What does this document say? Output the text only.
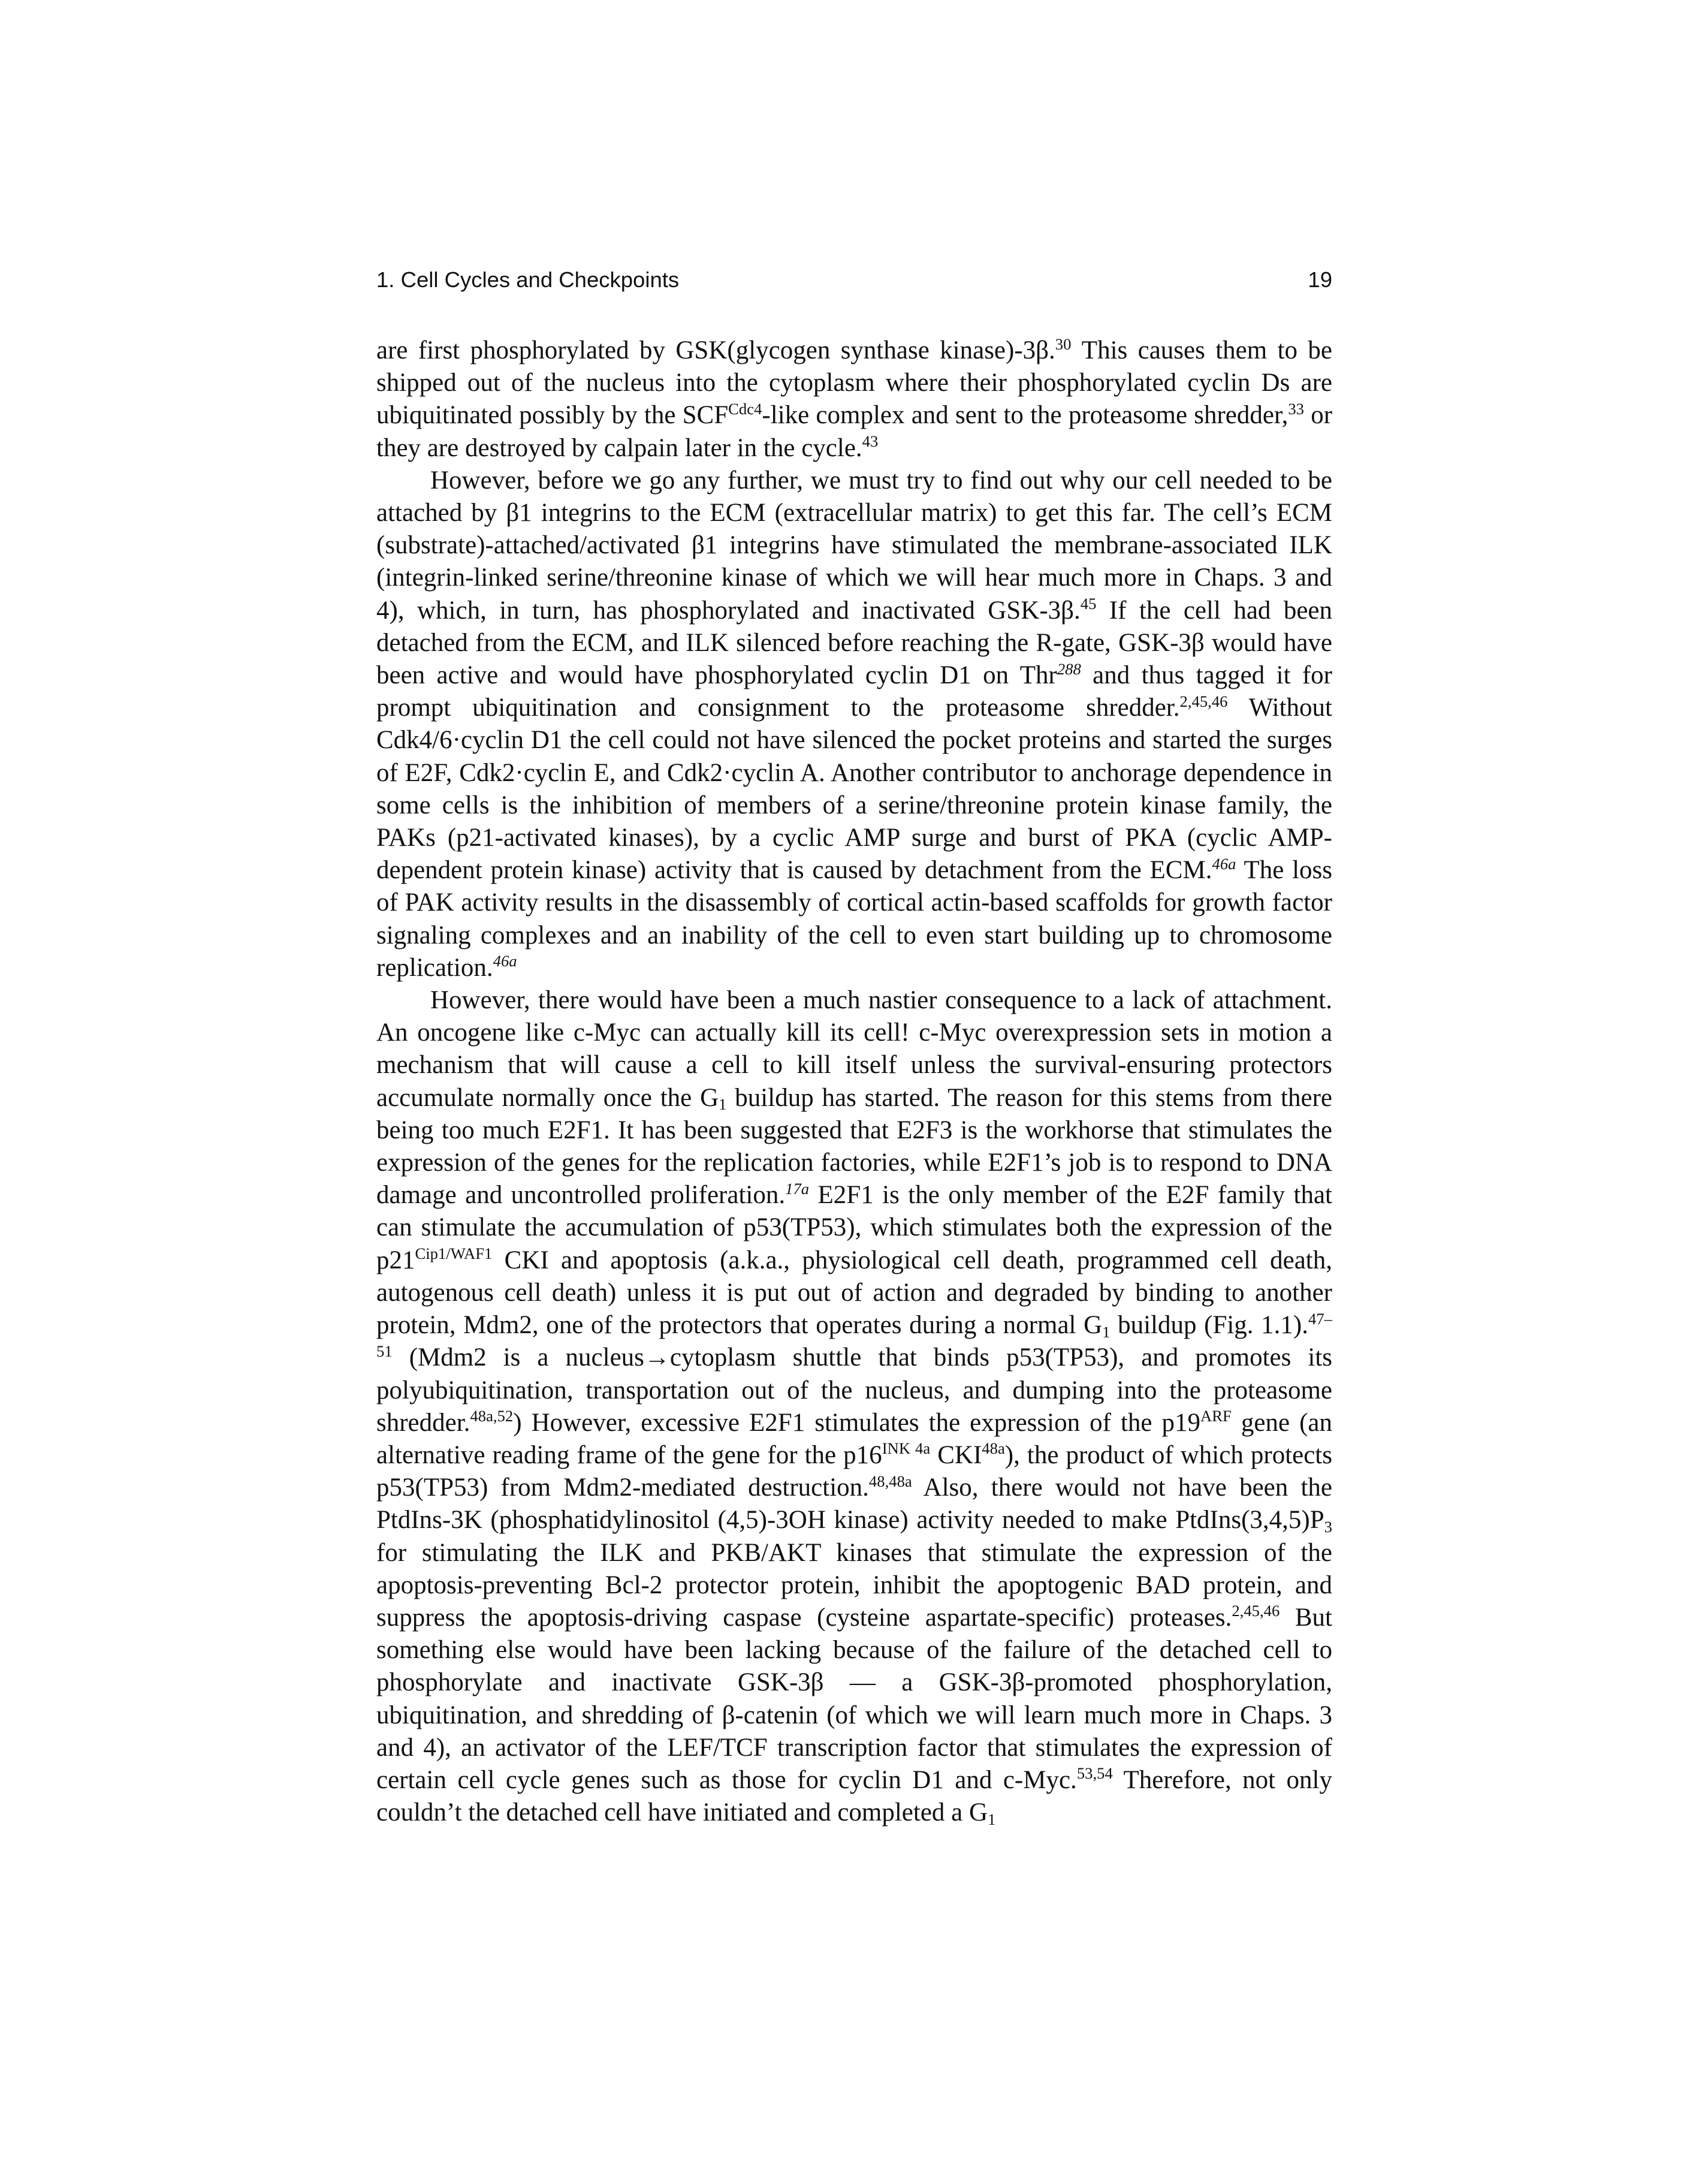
1. Cell Cycles and Checkpoints	19

are first phosphorylated by GSK(glycogen synthase kinase)-3β.$^{30}$ This causes them to be shipped out of the nucleus into the cytoplasm where their phosphorylated cyclin Ds are ubiquitinated possibly by the $SCF^{Cdc4}$-like complex and sent to the proteasome shredder,$^{33}$ or they are destroyed by calpain later in the cycle.$^{43}$

However, before we go any further, we must try to find out why our cell needed to be attached by β1 integrins to the ECM (extracellular matrix) to get this far. The cell’s ECM (substrate)-attached/activated β1 integrins have stimulated the membrane-associated ILK (integrin-linked serine/threonine kinase of which we will hear much more in Chaps. 3 and 4), which, in turn, has phosphorylated and inactivated GSK-3β.$^{45}$ If the cell had been detached from the ECM, and ILK silenced before reaching the R-gate, GSK-3β would have been active and would have phosphorylated cyclin D1 on Thr$^{288}$ and thus tagged it for prompt ubiquitination and consignment to the proteasome shredder.$^{2,45,46}$ Without Cdk4/6·cyclin D1 the cell could not have silenced the pocket proteins and started the surges of E2F, Cdk2·cyclin E, and Cdk2·cyclin A. Another contributor to anchorage dependence in some cells is the inhibition of members of a serine/threonine protein kinase family, the PAKs (p21-activated kinases), by a cyclic AMP surge and burst of PKA (cyclic AMP-dependent protein kinase) activity that is caused by detachment from the ECM.$^{46a}$ The loss of PAK activity results in the disassembly of cortical actin-based scaffolds for growth factor signaling complexes and an inability of the cell to even start building up to chromosome replication.$^{46a}$

However, there would have been a much nastier consequence to a lack of attachment. An oncogene like c-Myc can actually kill its cell! c-Myc overexpression sets in motion a mechanism that will cause a cell to kill itself unless the survival-ensuring protectors accumulate normally once the $G_1$ buildup has started. The reason for this stems from there being too much E2F1. It has been suggested that E2F3 is the workhorse that stimulates the expression of the genes for the replication factories, while E2F1’s job is to respond to DNA damage and uncontrolled proliferation.$^{17a}$ E2F1 is the only member of the E2F family that can stimulate the accumulation of p53(TP53), which stimulates both the expression of the $p21^{Cip1/WAF1}$ CKI and apoptosis (a.k.a., physiological cell death, programmed cell death, autogenous cell death) unless it is put out of action and degraded by binding to another protein, Mdm2, one of the protectors that operates during a normal $G_1$ buildup (Fig. 1.1).$^{47-51}$ (Mdm2 is a nucleus→cytoplasm shuttle that binds p53(TP53), and promotes its polyubiquitination, transportation out of the nucleus, and dumping into the proteasome shredder.$^{48a,52}$) However, excessive E2F1 stimulates the expression of the $p19^{ARF}$ gene (an alternative reading frame of the gene for the $p16^{INK 4a}$ $CKI^{48a}$), the product of which protects p53(TP53) from Mdm2-mediated destruction.$^{48,48a}$ Also, there would not have been the PtdIns-3K (phosphatidylinositol (4,5)-3OH kinase) activity needed to make $PtdIns(3,4,5)P_3$ for stimulating the ILK and PKB/AKT kinases that stimulate the expression of the apoptosis-preventing Bcl-2 protector protein, inhibit the apoptogenic BAD protein, and suppress the apoptosis-driving caspase (cysteine aspartate-specific) proteases.$^{2,45,46}$ But something else would have been lacking because of the failure of the detached cell to phosphorylate and inactivate GSK-3β — a GSK-3β-promoted phosphorylation, ubiquitination, and shredding of β-catenin (of which we will learn much more in Chaps. 3 and 4), an activator of the LEF/TCF transcription factor that stimulates the expression of certain cell cycle genes such as those for cyclin D1 and c-Myc.$^{53,54}$ Therefore, not only couldn’t the detached cell have initiated and completed a $G_1$
